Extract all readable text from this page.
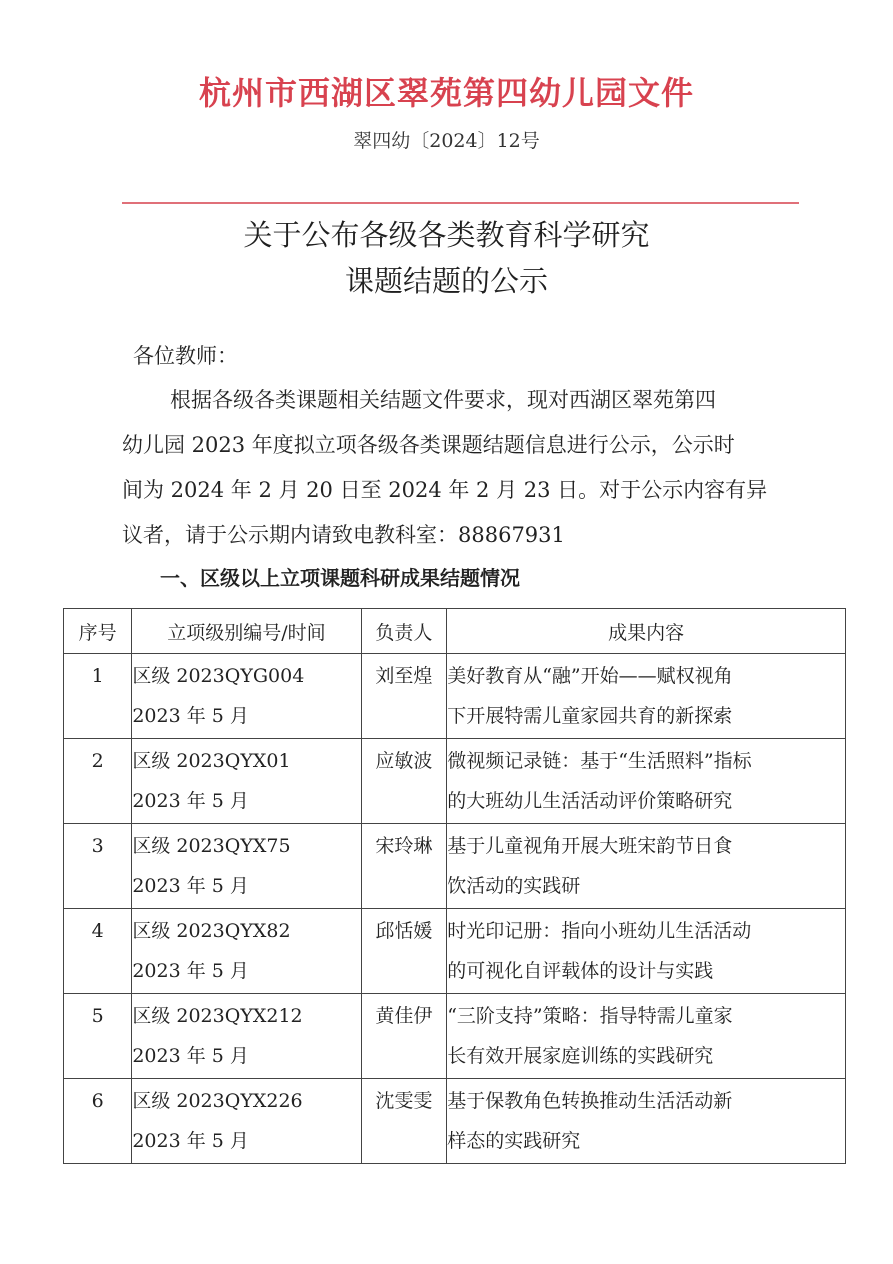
杭州市西湖区翠苑第四幼儿园文件
翠四幼〔2024〕12号
关于公布各级各类教育科学研究
课题结题的公示
各位教师：
根据各级各类课题相关结题文件要求，现对西湖区翠苑第四
幼儿园 2023 年度拟立项各级各类课题结题信息进行公示，公示时
间为 2024 年 2 月 20 日至 2024 年 2 月 23 日。对于公示内容有异
议者，请于公示期内请致电教科室：88867931
一、区级以上立项课题科研成果结题情况
序号	立项级别编号/时间	负责人	成果内容

1	区级 2023QYG004
2023 年 5 月	刘至煌	美好教育从“融”开始——赋权视角
下开展特需儿童家园共育的新探索

2	区级 2023QYX01
2023 年 5 月	应敏波	微视频记录链：基于“生活照料”指标
的大班幼儿生活活动评价策略研究

3	区级 2023QYX75
2023 年 5 月	宋玲琳	基于儿童视角开展大班宋韵节日食
饮活动的实践研

4	区级 2023QYX82
2023 年 5 月	邱恬媛	时光印记册：指向小班幼儿生活活动
的可视化自评载体的设计与实践

5	区级 2023QYX212
2023 年 5 月	黄佳伊	“三阶支持”策略：指导特需儿童家
长有效开展家庭训练的实践研究

6	区级 2023QYX226
2023 年 5 月	沈雯雯	基于保教角色转换推动生活活动新
样态的实践研究
